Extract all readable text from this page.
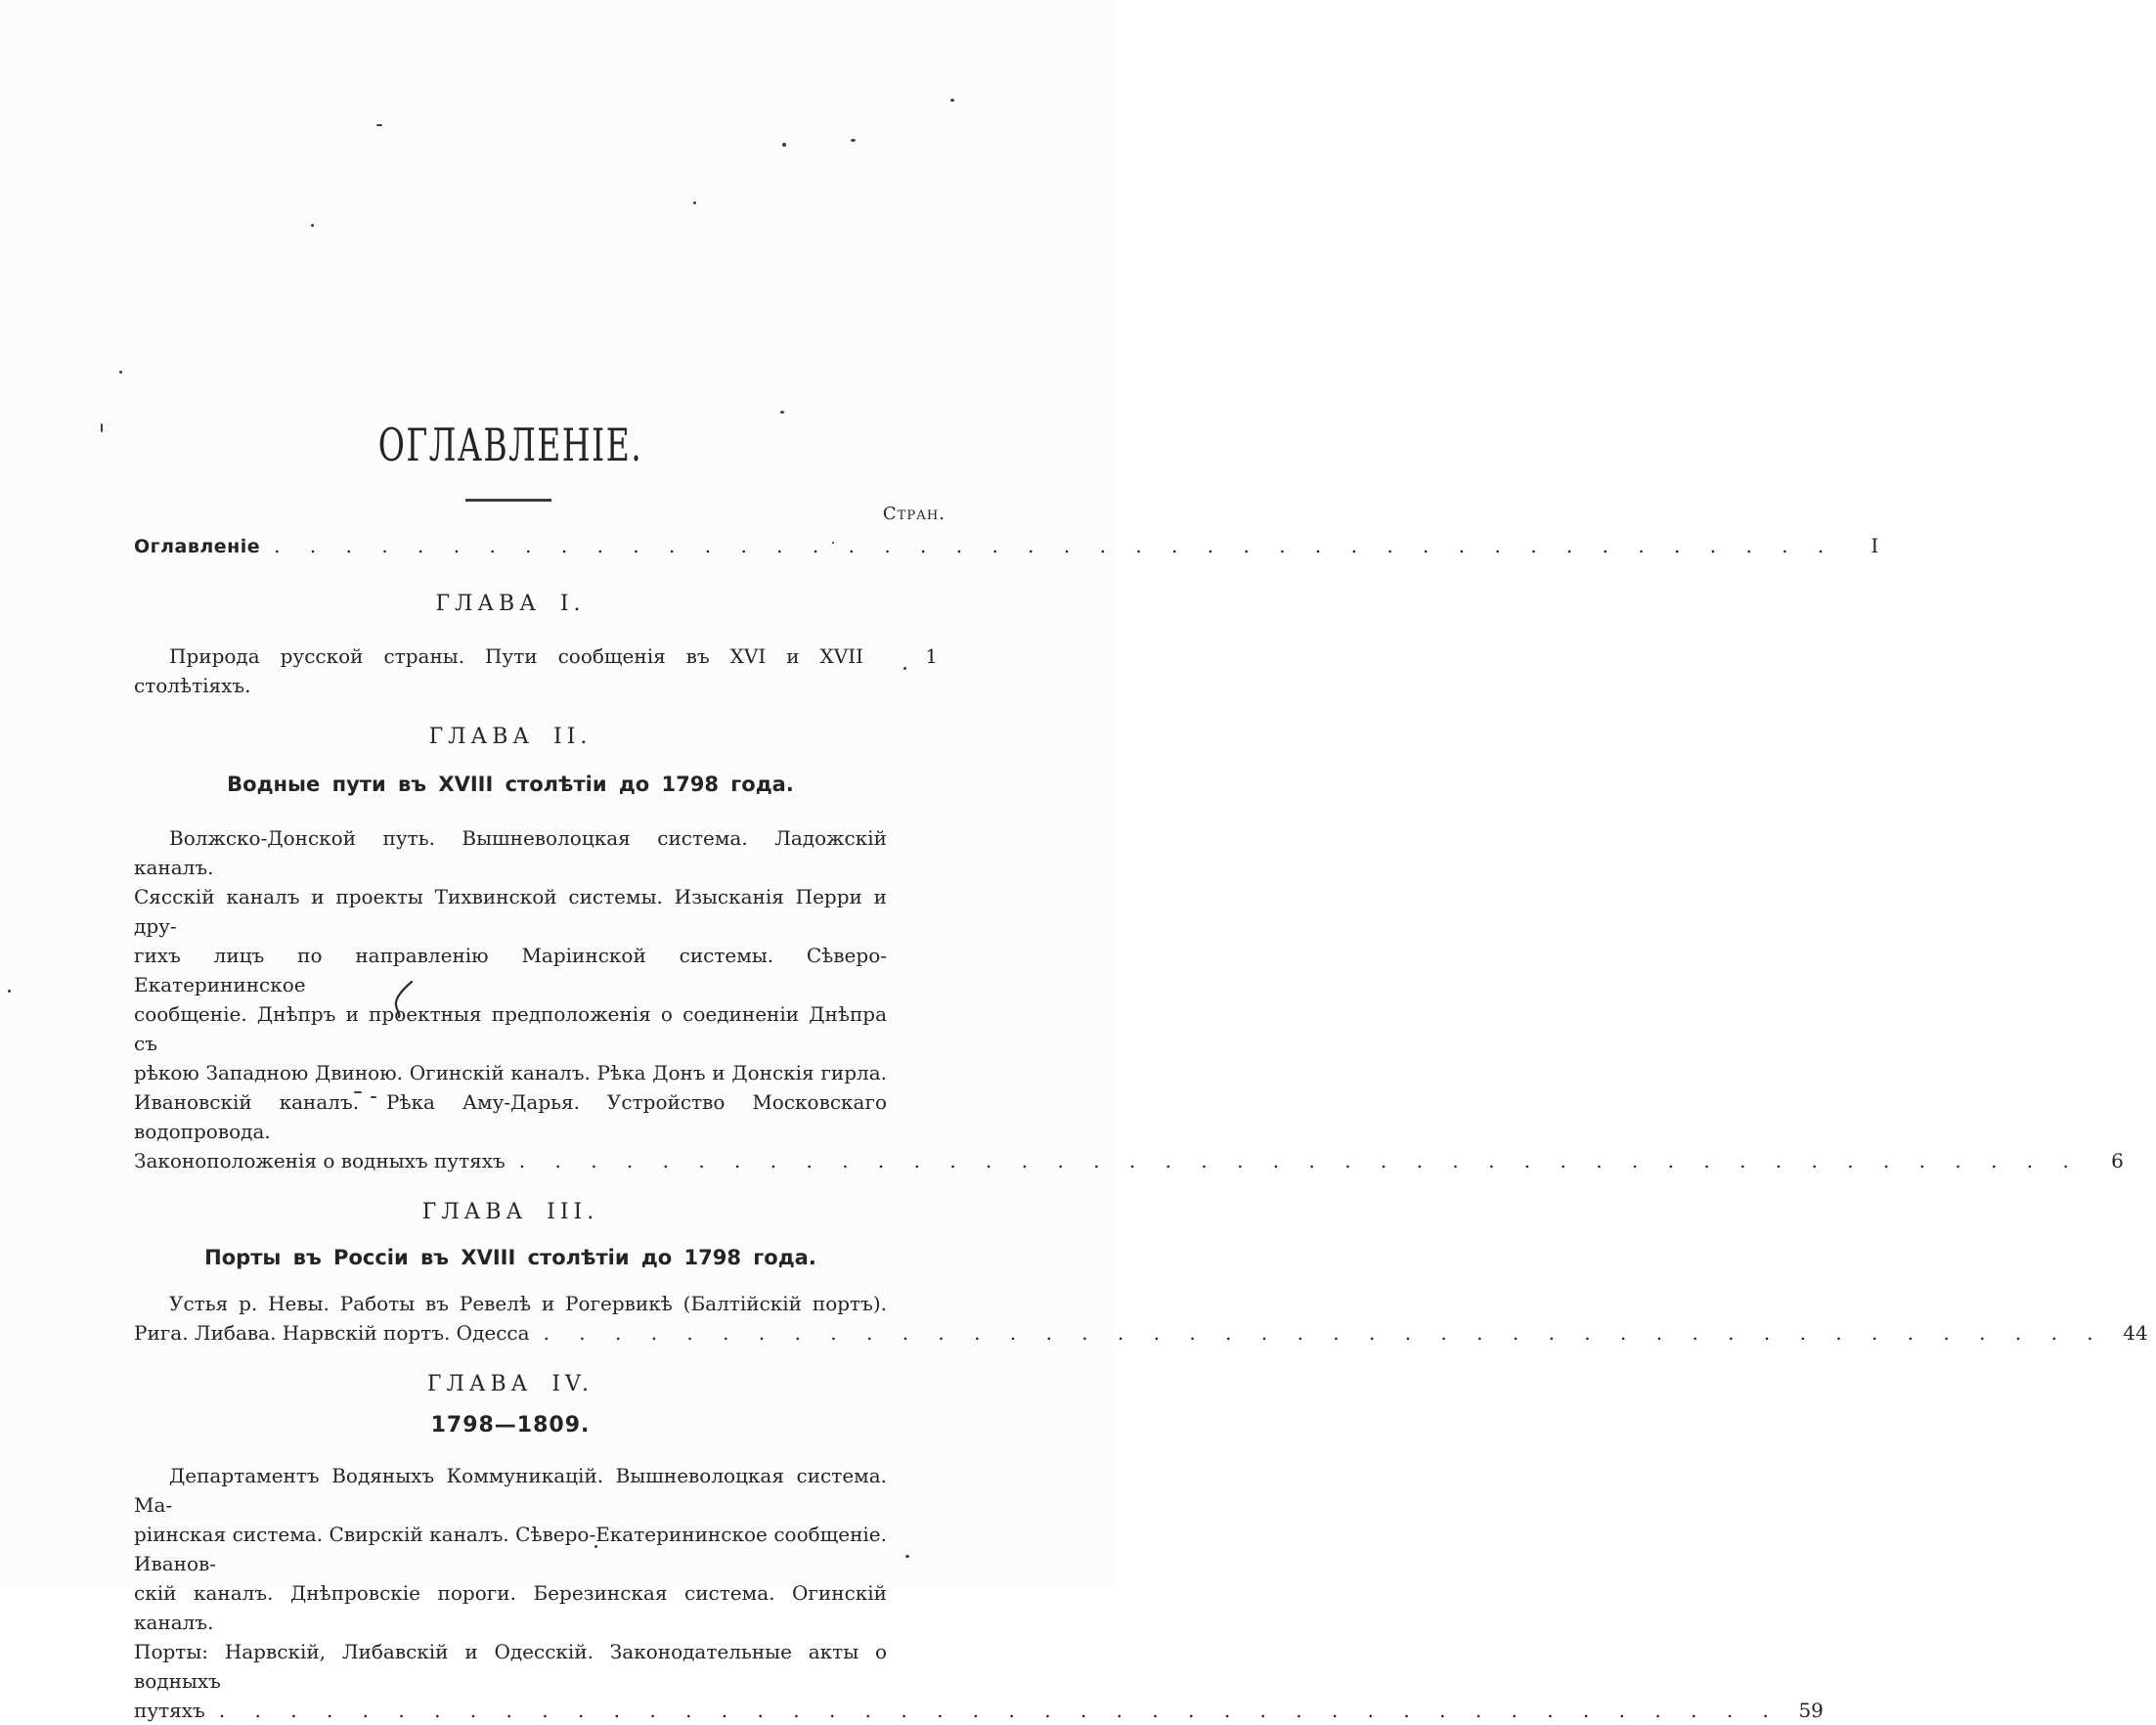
ОГЛАВЛЕНІЕ.
Стран.
Оглавленіе . . . . . . . . . . . . . . . . . . . . . . . . . . . . . . . . . . . . . . . . . . . .	I
ГЛАВА I.
Природа русской страны. Пути сообщенія въ XVI и XVII столѣтіяхъ.
1
ГЛАВА II.
Водные пути въ XVIII столѣтіи до 1798 года.
Волжско-Донской путь. Вышневолоцкая система. Ладожскій каналъ.
Сясскій каналъ и проекты Тихвинской системы. Изысканія Перри и дру-
гихъ лицъ по направленію Маріинской системы. Сѣверо-Екатерининское
сообщеніе. Днѣпръ и проектныя предположенія о соединеніи Днѣпра съ
рѣкою Западною Двиною. Огинскій каналъ. Рѣка Донъ и Донскія гирла.
Ивановскій каналъ. Рѣка Аму-Дарья. Устройство Московскаго водопровода.
Законоположенія о водныхъ путяхъ . . . . . . . . . . . . . . . . . . . . . . . . . . . . . . . . . . . . . . . . . . . .	6
ГЛАВА III.
Порты въ Россіи въ XVIII столѣтіи до 1798 года.
Устья р. Невы. Работы въ Ревелѣ и Рогервикѣ (Балтійскій портъ).
Рига. Либава. Нарвскій портъ. Одесса . . . . . . . . . . . . . . . . . . . . . . . . . . . . . . . . . . . . . . . . . . . .	44
ГЛАВА IV.
1798—1809.
Департаментъ Водяныхъ Коммуникацій. Вышневолоцкая система. Ма-
ріинская система. Свирскій каналъ. Сѣверо-Екатерининское сообщеніе. Иванов-
скій каналъ. Днѣпровскіе пороги. Березинская система. Огинскій каналъ.
Порты: Нарвскій, Либавскій и Одесскій. Законодательные акты о водныхъ
путяхъ . . . . . . . . . . . . . . . . . . . . . . . . . . . . . . . . . . . . . . . . . . . .	59
